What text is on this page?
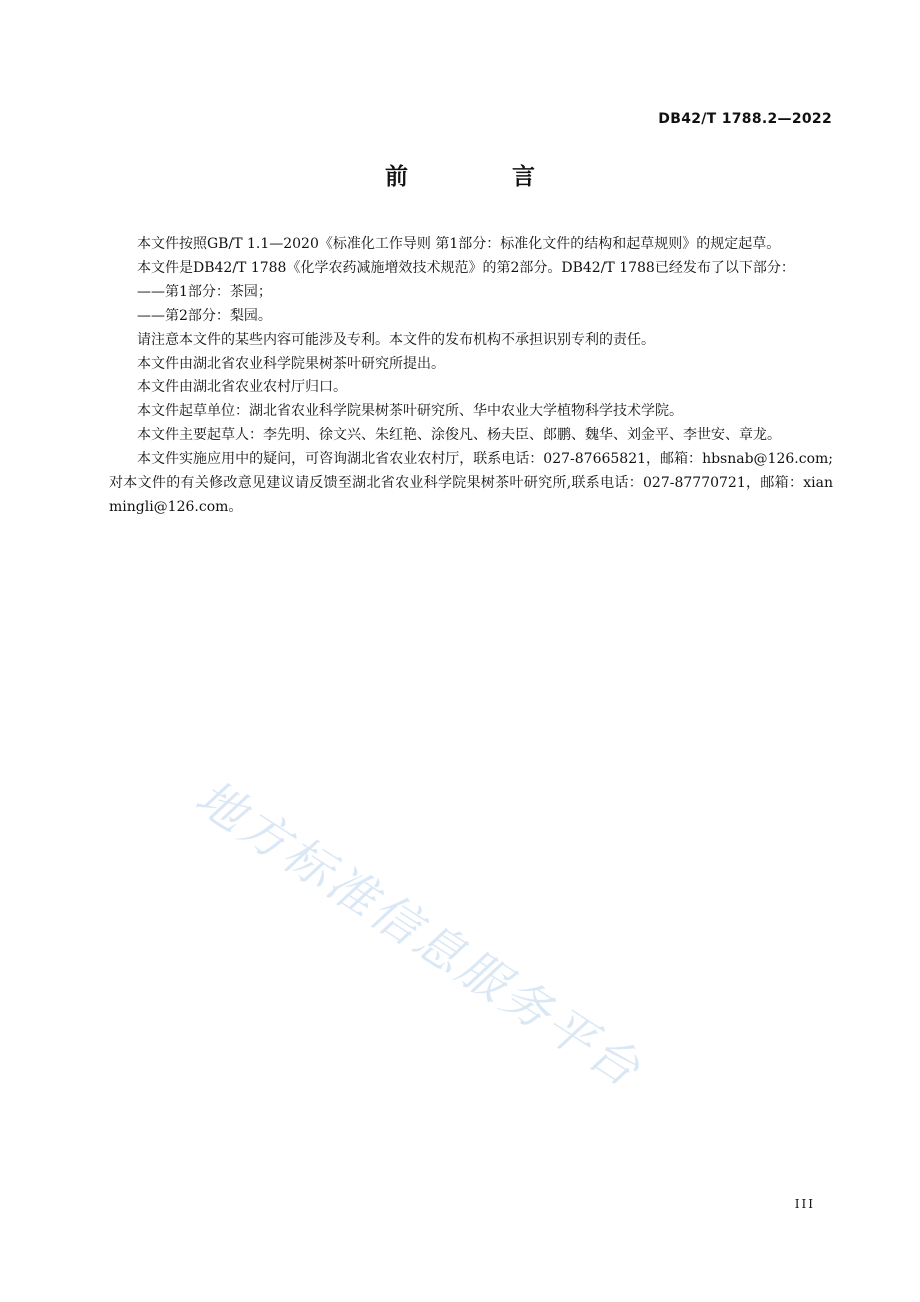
DB42/T 1788.2—2022
前 言

本文件按照GB/T 1.1—2020《标准化工作导则 第1部分：标准化文件的结构和起草规则》的规定起草。

本文件是DB42/T 1788《化学农药减施增效技术规范》的第2部分。DB42/T 1788已经发布了以下部分：

——第1部分：茶园；

——第2部分：梨园。

请注意本文件的某些内容可能涉及专利。本文件的发布机构不承担识别专利的责任。

本文件由湖北省农业科学院果树茶叶研究所提出。

本文件由湖北省农业农村厅归口。

本文件起草单位：湖北省农业科学院果树茶叶研究所、华中农业大学植物科学技术学院。

本文件主要起草人：李先明、徐文兴、朱红艳、涂俊凡、杨夫臣、郎鹏、魏华、刘金平、李世安、章龙。

本文件实施应用中的疑问，可咨询湖北省农业农村厅，联系电话：027-87665821，邮箱：hbsnab@126.com;对本文件的有关修改意见建议请反馈至湖北省农业科学院果树茶叶研究所,联系电话：027-87770721，邮箱：xianmingli@126.com。

地方标准信息服务平台
III
